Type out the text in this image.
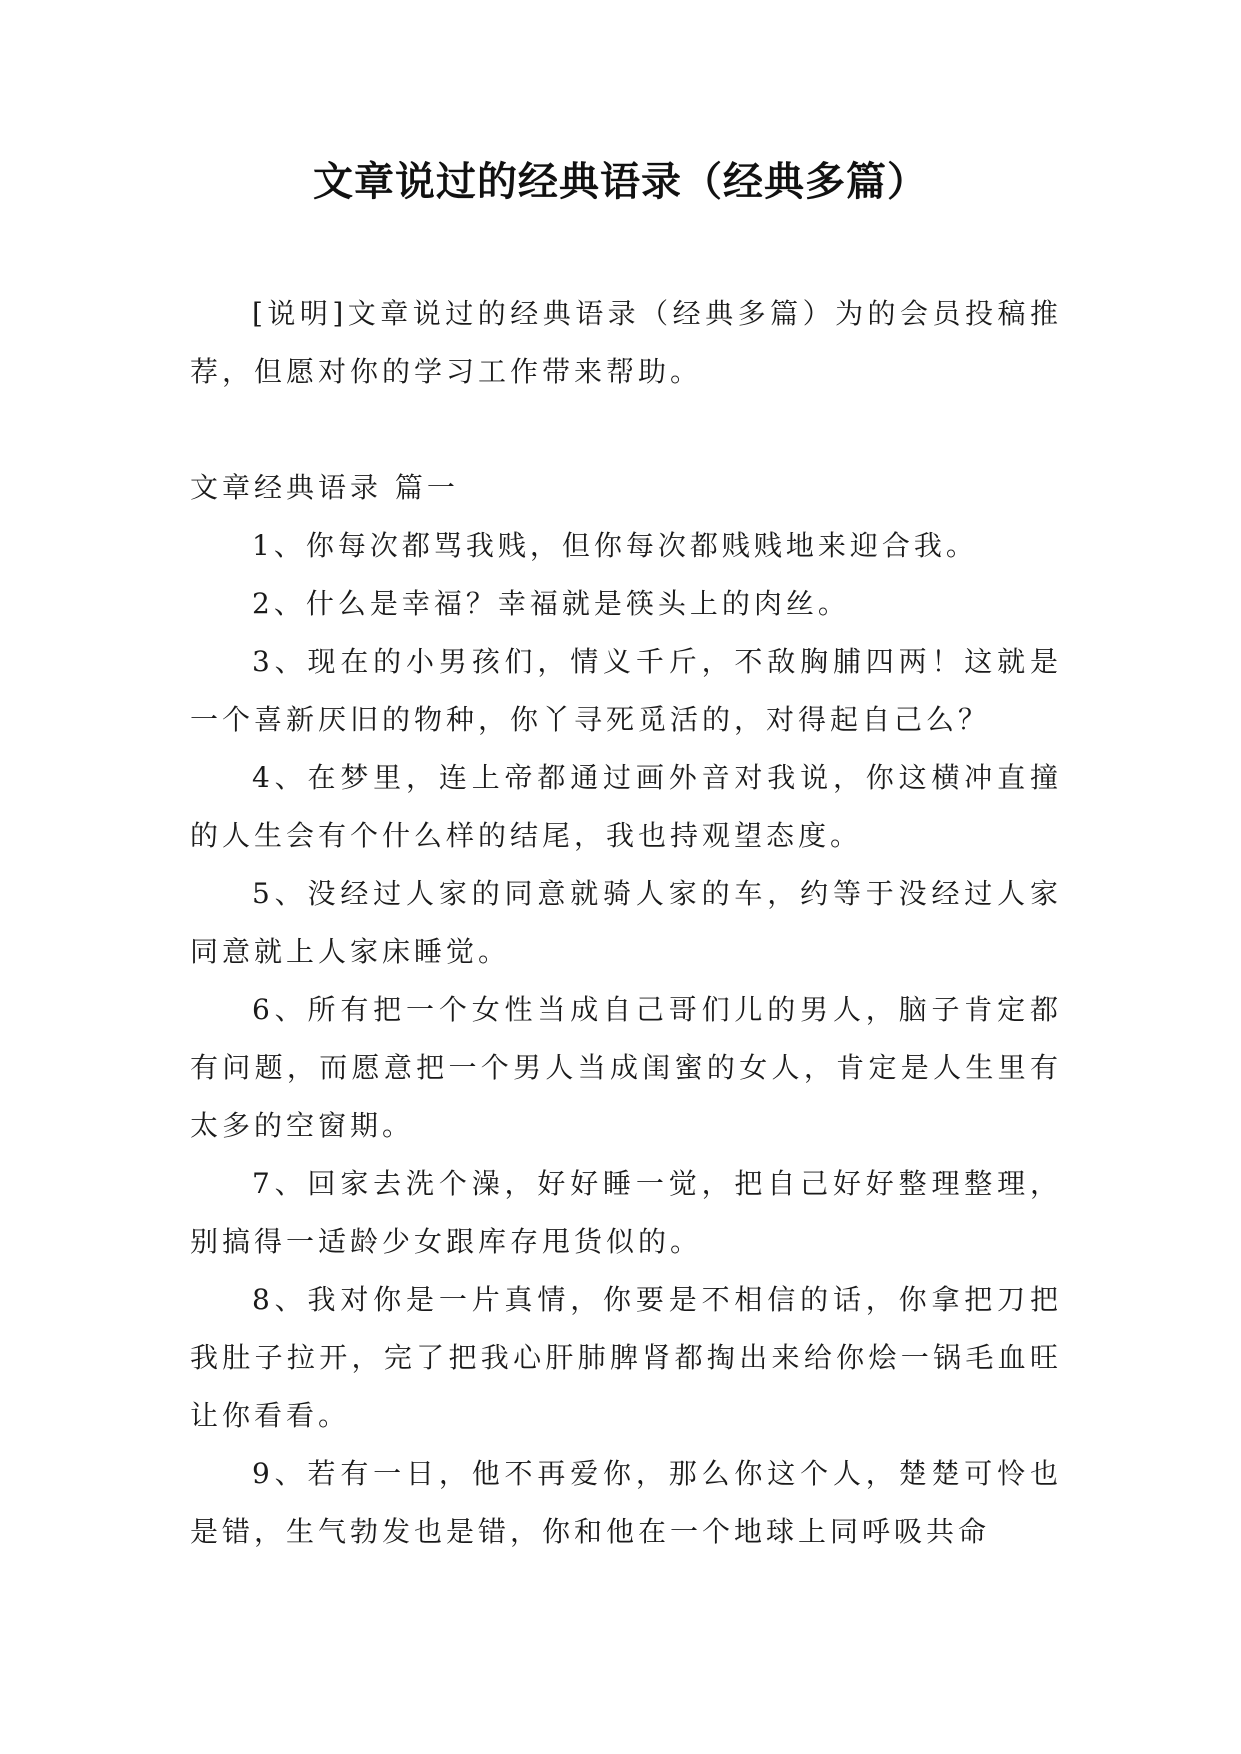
文章说过的经典语录（经典多篇）

[说明]文章说过的经典语录（经典多篇）为的会员投稿推荐，但愿对你的学习工作带来帮助。

文章经典语录 篇一

1、你每次都骂我贱，但你每次都贱贱地来迎合我。

2、什么是幸福？幸福就是筷头上的肉丝。

3、现在的小男孩们，情义千斤，不敌胸脯四两！这就是一个喜新厌旧的物种，你丫寻死觅活的，对得起自己么？

4、在梦里，连上帝都通过画外音对我说，你这横冲直撞的人生会有个什么样的结尾，我也持观望态度。

5、没经过人家的同意就骑人家的车，约等于没经过人家同意就上人家床睡觉。

6、所有把一个女性当成自己哥们儿的男人，脑子肯定都有问题，而愿意把一个男人当成闺蜜的女人，肯定是人生里有太多的空窗期。

7、回家去洗个澡，好好睡一觉，把自己好好整理整理，别搞得一适龄少女跟库存甩货似的。

8、我对你是一片真情，你要是不相信的话，你拿把刀把我肚子拉开，完了把我心肝肺脾肾都掏出来给你烩一锅毛血旺让你看看。

9、若有一日，他不再爱你，那么你这个人，楚楚可怜也是错，生气勃发也是错，你和他在一个地球上同呼吸共命
